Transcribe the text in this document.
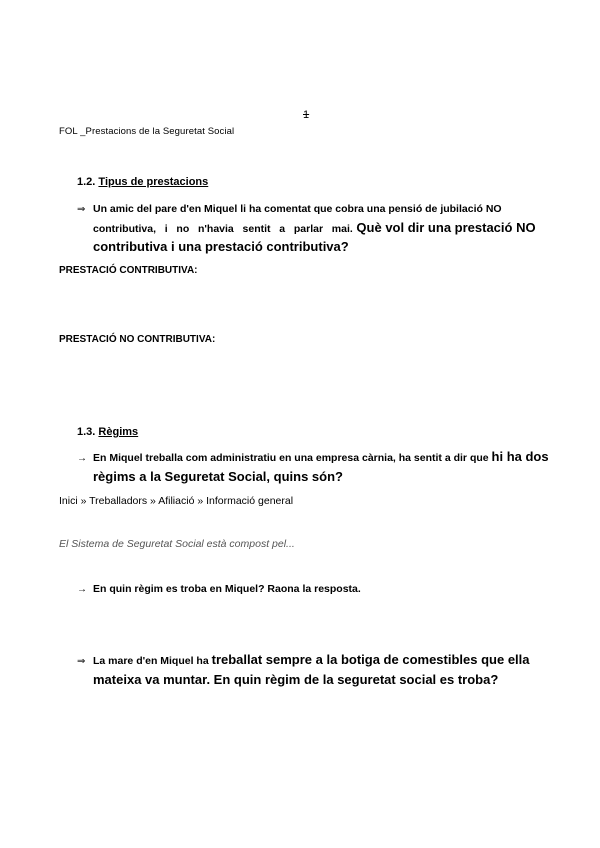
1
FOL _Prestacions de la Seguretat Social
1.2. Tipus de prestacions
⇒ Un amic del pare d'en Miquel li ha comentat que cobra una pensió de jubilació NO
contributiva,   i   no   n'havia   sentit   a   parlar   mai. Què vol dir una prestació NO
contributiva i una prestació contributiva?
PRESTACIÓ CONTRIBUTIVA:
PRESTACIÓ NO CONTRIBUTIVA:
1.3. Règims
→ En Miquel treballa com administratiu en una empresa càrnia, ha sentit a dir que hi ha dos
règims a la Seguretat Social, quins són?
Inici » Treballadors » Afiliació » Informació general
El Sistema de Seguretat Social està compost pel...
→ En quin règim es troba en Miquel? Raona la resposta.
⇒ La mare d'en Miquel ha treballat sempre a la botiga de comestibles que ella
mateixa va muntar. En quin règim de la seguretat social es troba?
